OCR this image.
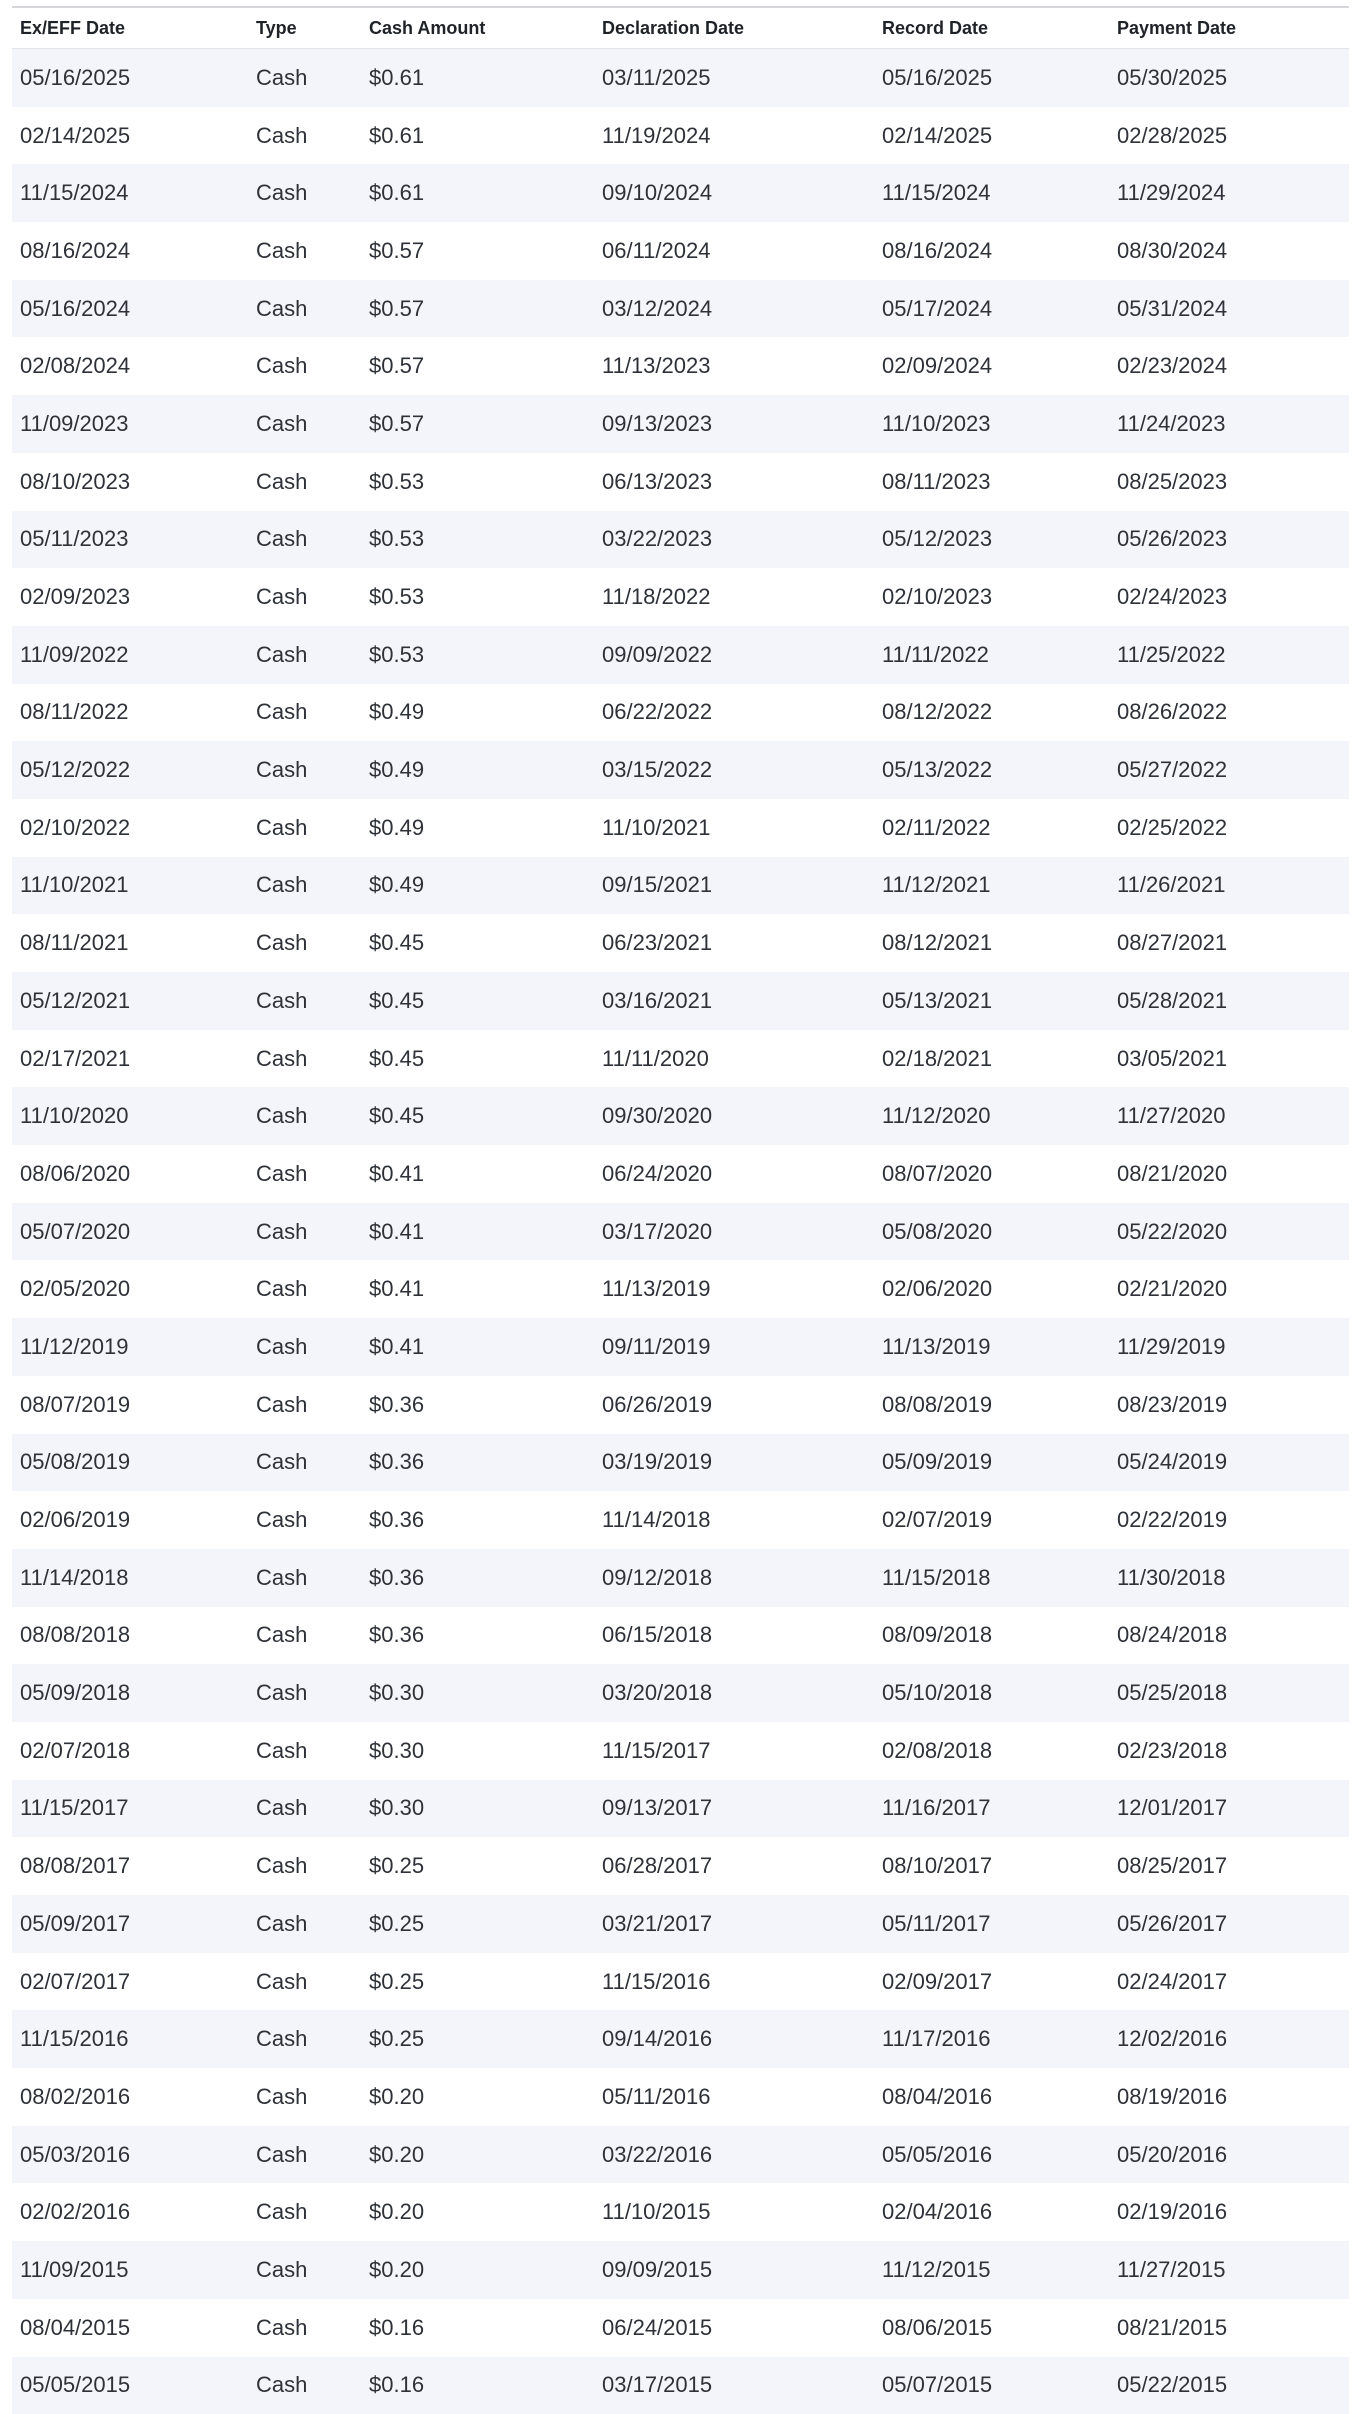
Ex/EFF Date	Type	Cash Amount	Declaration Date	Record Date	Payment Date
05/16/2025	Cash	$0.61	03/11/2025	05/16/2025	05/30/2025
02/14/2025	Cash	$0.61	11/19/2024	02/14/2025	02/28/2025
11/15/2024	Cash	$0.61	09/10/2024	11/15/2024	11/29/2024
08/16/2024	Cash	$0.57	06/11/2024	08/16/2024	08/30/2024
05/16/2024	Cash	$0.57	03/12/2024	05/17/2024	05/31/2024
02/08/2024	Cash	$0.57	11/13/2023	02/09/2024	02/23/2024
11/09/2023	Cash	$0.57	09/13/2023	11/10/2023	11/24/2023
08/10/2023	Cash	$0.53	06/13/2023	08/11/2023	08/25/2023
05/11/2023	Cash	$0.53	03/22/2023	05/12/2023	05/26/2023
02/09/2023	Cash	$0.53	11/18/2022	02/10/2023	02/24/2023
11/09/2022	Cash	$0.53	09/09/2022	11/11/2022	11/25/2022
08/11/2022	Cash	$0.49	06/22/2022	08/12/2022	08/26/2022
05/12/2022	Cash	$0.49	03/15/2022	05/13/2022	05/27/2022
02/10/2022	Cash	$0.49	11/10/2021	02/11/2022	02/25/2022
11/10/2021	Cash	$0.49	09/15/2021	11/12/2021	11/26/2021
08/11/2021	Cash	$0.45	06/23/2021	08/12/2021	08/27/2021
05/12/2021	Cash	$0.45	03/16/2021	05/13/2021	05/28/2021
02/17/2021	Cash	$0.45	11/11/2020	02/18/2021	03/05/2021
11/10/2020	Cash	$0.45	09/30/2020	11/12/2020	11/27/2020
08/06/2020	Cash	$0.41	06/24/2020	08/07/2020	08/21/2020
05/07/2020	Cash	$0.41	03/17/2020	05/08/2020	05/22/2020
02/05/2020	Cash	$0.41	11/13/2019	02/06/2020	02/21/2020
11/12/2019	Cash	$0.41	09/11/2019	11/13/2019	11/29/2019
08/07/2019	Cash	$0.36	06/26/2019	08/08/2019	08/23/2019
05/08/2019	Cash	$0.36	03/19/2019	05/09/2019	05/24/2019
02/06/2019	Cash	$0.36	11/14/2018	02/07/2019	02/22/2019
11/14/2018	Cash	$0.36	09/12/2018	11/15/2018	11/30/2018
08/08/2018	Cash	$0.36	06/15/2018	08/09/2018	08/24/2018
05/09/2018	Cash	$0.30	03/20/2018	05/10/2018	05/25/2018
02/07/2018	Cash	$0.30	11/15/2017	02/08/2018	02/23/2018
11/15/2017	Cash	$0.30	09/13/2017	11/16/2017	12/01/2017
08/08/2017	Cash	$0.25	06/28/2017	08/10/2017	08/25/2017
05/09/2017	Cash	$0.25	03/21/2017	05/11/2017	05/26/2017
02/07/2017	Cash	$0.25	11/15/2016	02/09/2017	02/24/2017
11/15/2016	Cash	$0.25	09/14/2016	11/17/2016	12/02/2016
08/02/2016	Cash	$0.20	05/11/2016	08/04/2016	08/19/2016
05/03/2016	Cash	$0.20	03/22/2016	05/05/2016	05/20/2016
02/02/2016	Cash	$0.20	11/10/2015	02/04/2016	02/19/2016
11/09/2015	Cash	$0.20	09/09/2015	11/12/2015	11/27/2015
08/04/2015	Cash	$0.16	06/24/2015	08/06/2015	08/21/2015
05/05/2015	Cash	$0.16	03/17/2015	05/07/2015	05/22/2015
